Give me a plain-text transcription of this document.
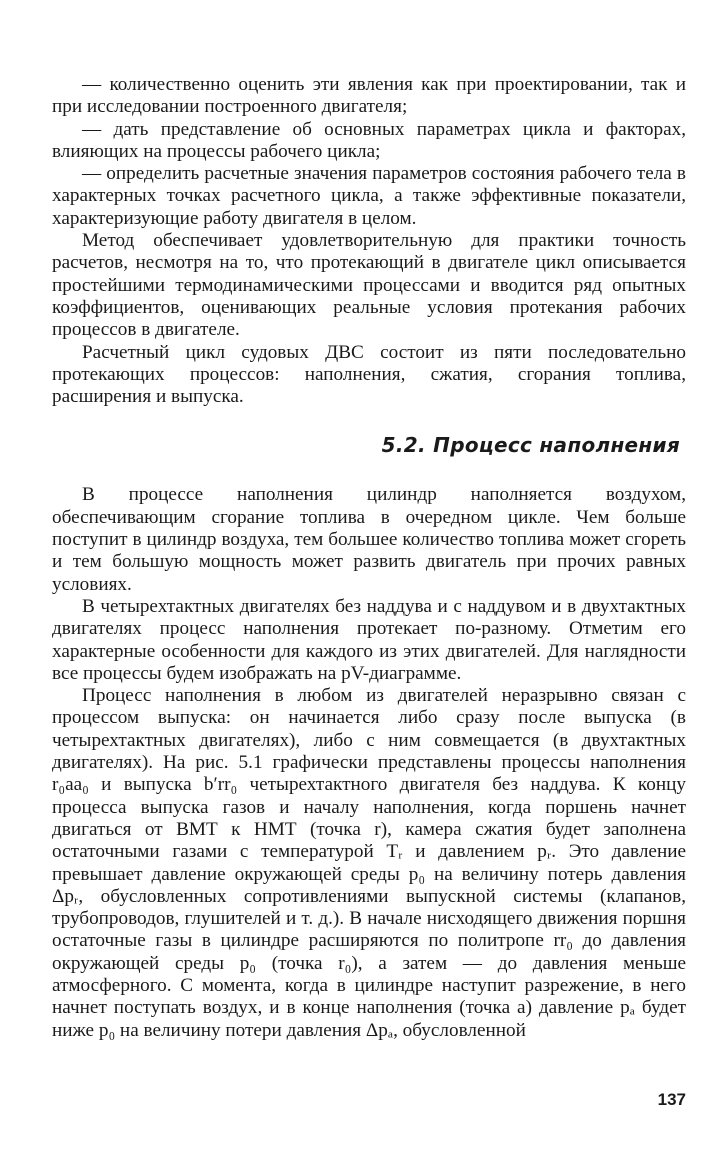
— количественно оценить эти явления как при проектировании, так и при исследовании построенного двигателя;

— дать представление об основных параметрах цикла и факторах, влияющих на процессы рабочего цикла;

— определить расчетные значения параметров состояния рабочего тела в характерных точках расчетного цикла, а также эффективные показатели, характеризующие работу двигателя в целом.

Метод обеспечивает удовлетворительную для практики точность расчетов, несмотря на то, что протекающий в двигателе цикл описывается простейшими термодинамическими процессами и вводится ряд опытных коэффициентов, оценивающих реальные условия протекания рабочих процессов в двигателе.

Расчетный цикл судовых ДВС состоит из пяти последовательно протекающих процессов: наполнения, сжатия, сгорания топлива, расширения и выпуска.

5.2. Процесс наполнения

В процессе наполнения цилиндр наполняется воздухом, обеспечивающим сгорание топлива в очередном цикле. Чем больше поступит в цилиндр воздуха, тем большее количество топлива может сгореть и тем большую мощность может развить двигатель при прочих равных условиях.

В четырехтактных двигателях без наддува и с наддувом и в двухтактных двигателях процесс наполнения протекает по-разному. Отметим его характерные особенности для каждого из этих двигателей. Для наглядности все процессы будем изображать на pV-диаграмме.

Процесс наполнения в любом из двигателей неразрывно связан с процессом выпуска: он начинается либо сразу после выпуска (в четырехтактных двигателях), либо с ним совмещается (в двухтактных двигателях). На рис. 5.1 графически представлены процессы наполнения r₀aa₀ и выпуска b′rr₀ четырехтактного двигателя без наддува. К концу процесса выпуска газов и началу наполнения, когда поршень начнет двигаться от ВМТ к НМТ (точка r), камера сжатия будет заполнена остаточными газами с температурой Tᵣ и давлением pᵣ. Это давление превышает давление окружающей среды p₀ на величину потерь давления Δpᵣ, обусловленных сопротивлениями выпускной системы (клапанов, трубопроводов, глушителей и т. д.). В начале нисходящего движения поршня остаточные газы в цилиндре расширяются по политропе rr₀ до давления окружающей среды p₀ (точка r₀), а затем — до давления меньше атмосферного. С момента, когда в цилиндре наступит разрежение, в него начнет поступать воздух, и в конце наполнения (точка a) давление pₐ будет ниже p₀ на величину потери давления Δpₐ, обусловленной

137
